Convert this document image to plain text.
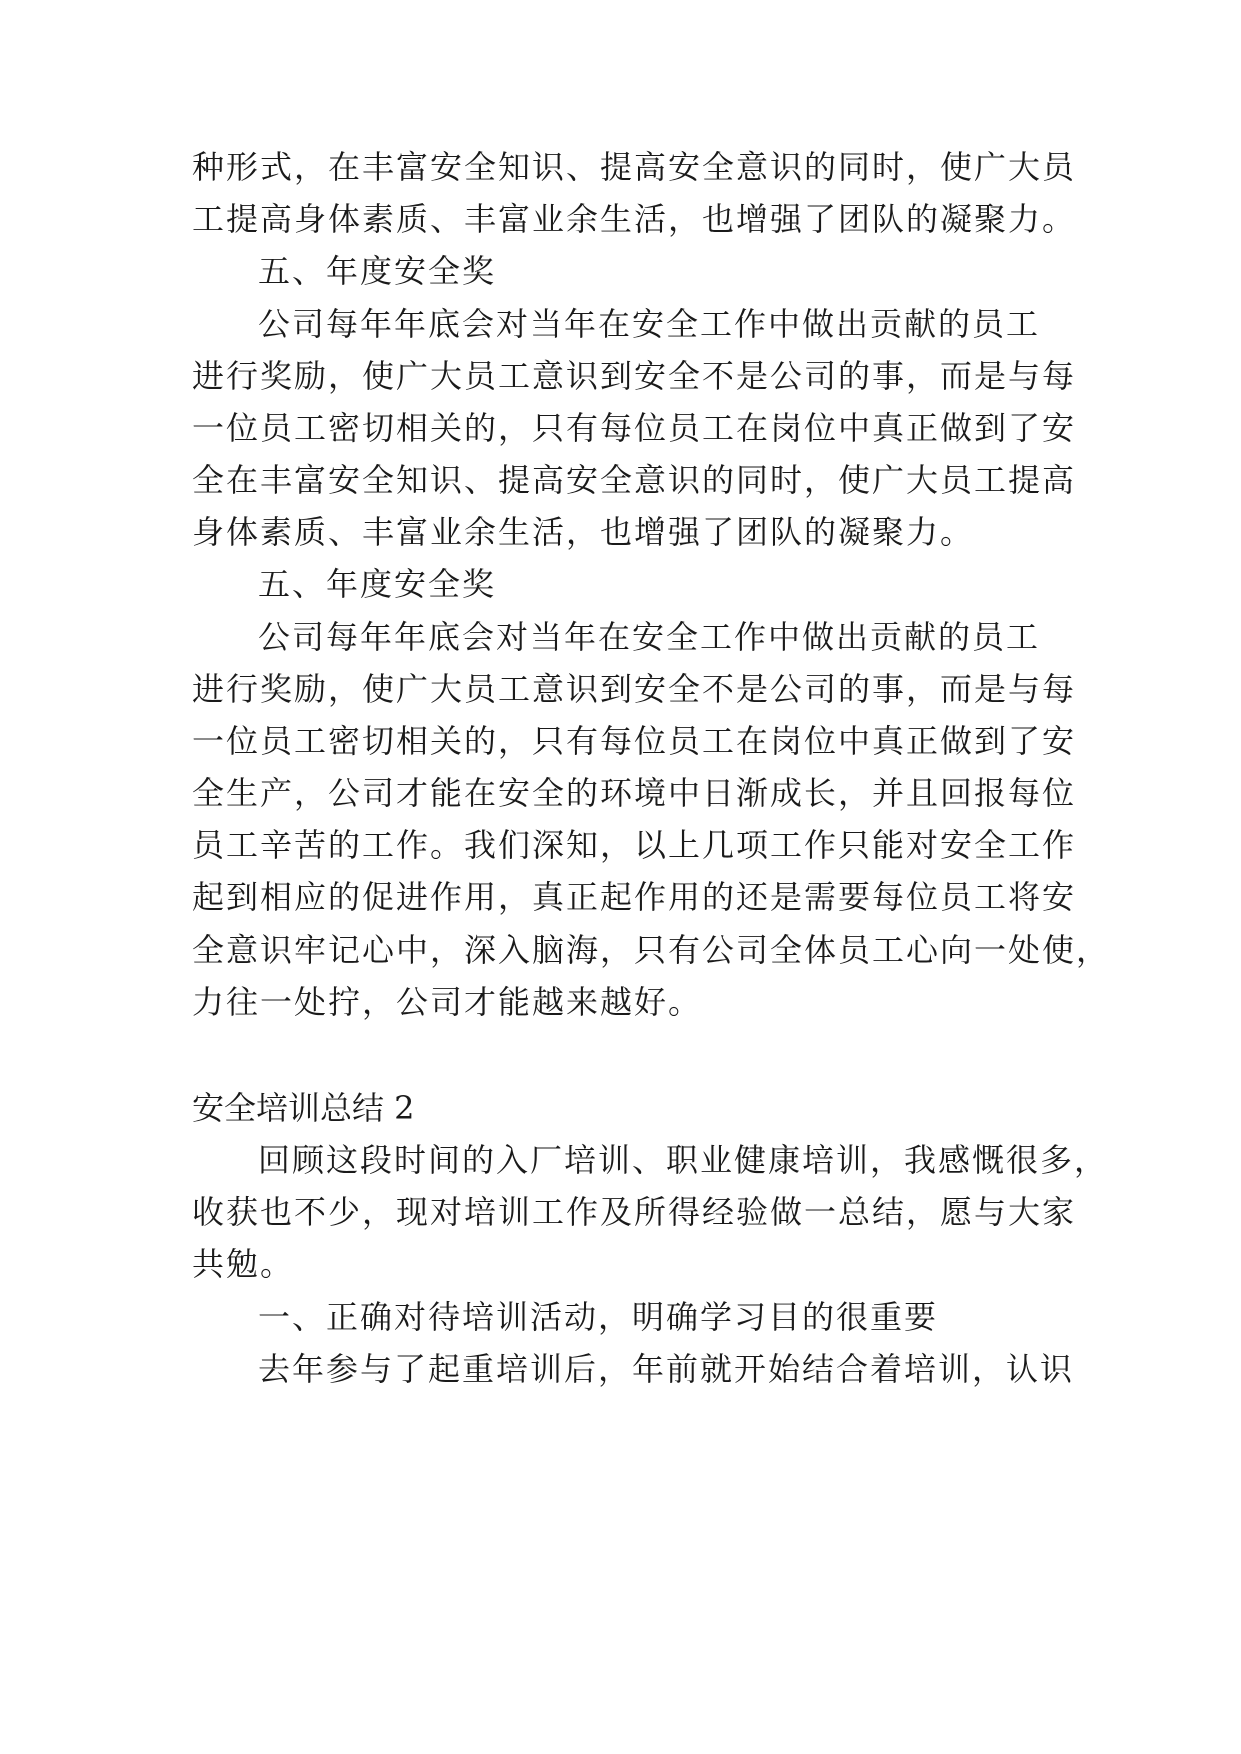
种形式，在丰富安全知识、提高安全意识的同时，使广大员
工提高身体素质、丰富业余生活，也增强了团队的凝聚力。
五、年度安全奖
公司每年年底会对当年在安全工作中做出贡献的员工
进行奖励，使广大员工意识到安全不是公司的事，而是与每
一位员工密切相关的，只有每位员工在岗位中真正做到了安
全在丰富安全知识、提高安全意识的同时，使广大员工提高
身体素质、丰富业余生活，也增强了团队的凝聚力。
五、年度安全奖
公司每年年底会对当年在安全工作中做出贡献的员工
进行奖励，使广大员工意识到安全不是公司的事，而是与每
一位员工密切相关的，只有每位员工在岗位中真正做到了安
全生产，公司才能在安全的环境中日渐成长，并且回报每位
员工辛苦的工作。我们深知，以上几项工作只能对安全工作
起到相应的促进作用，真正起作用的还是需要每位员工将安
全意识牢记心中，深入脑海，只有公司全体员工心向一处使，
力往一处拧，公司才能越来越好。
安全培训总结 2
回顾这段时间的入厂培训、职业健康培训，我感慨很多，
收获也不少，现对培训工作及所得经验做一总结，愿与大家
共勉。
一、正确对待培训活动，明确学习目的很重要
去年参与了起重培训后，年前就开始结合着培训，认识
